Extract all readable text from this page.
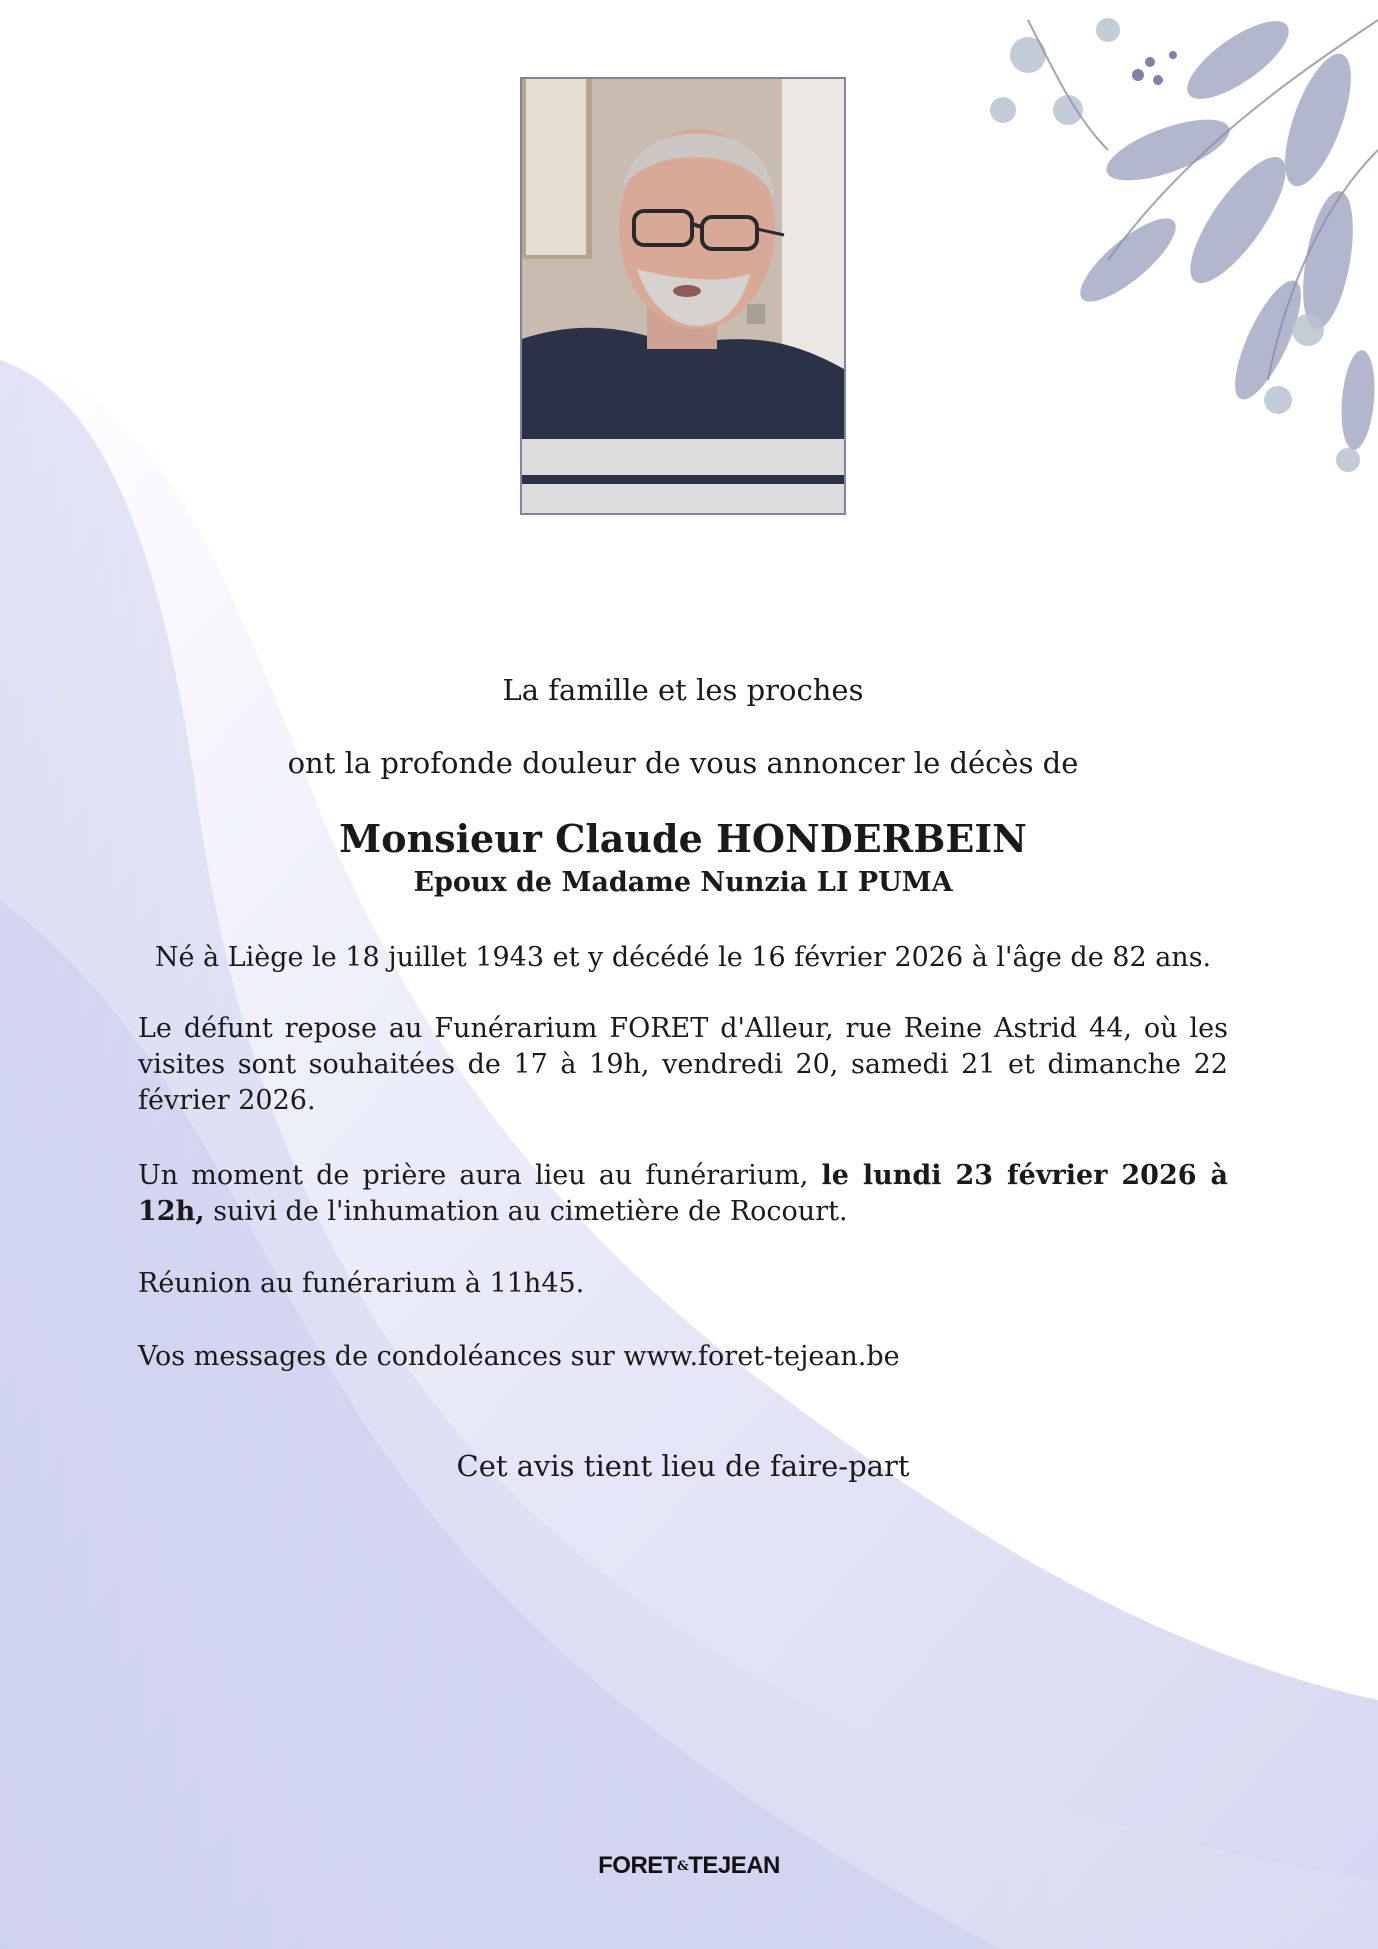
La famille et les proches
ont la profonde douleur de vous annoncer le décès de
Monsieur Claude HONDERBEIN
Epoux de Madame Nunzia LI PUMA
Né à Liège le 18 juillet 1943 et y décédé le 16 février 2026 à l'âge de 82 ans.
Le défunt repose au Funérarium FORET d'Alleur, rue Reine Astrid 44, où les visites sont souhaitées de 17 à 19h, vendredi 20, samedi 21 et dimanche 22 février 2026.
Un moment de prière aura lieu au funérarium, le lundi 23 février 2026 à 12h, suivi de l'inhumation au cimetière de Rocourt.
Réunion au funérarium à 11h45.
Vos messages de condoléances sur www.foret-tejean.be
Cet avis tient lieu de faire-part
FORET&TEJEAN
